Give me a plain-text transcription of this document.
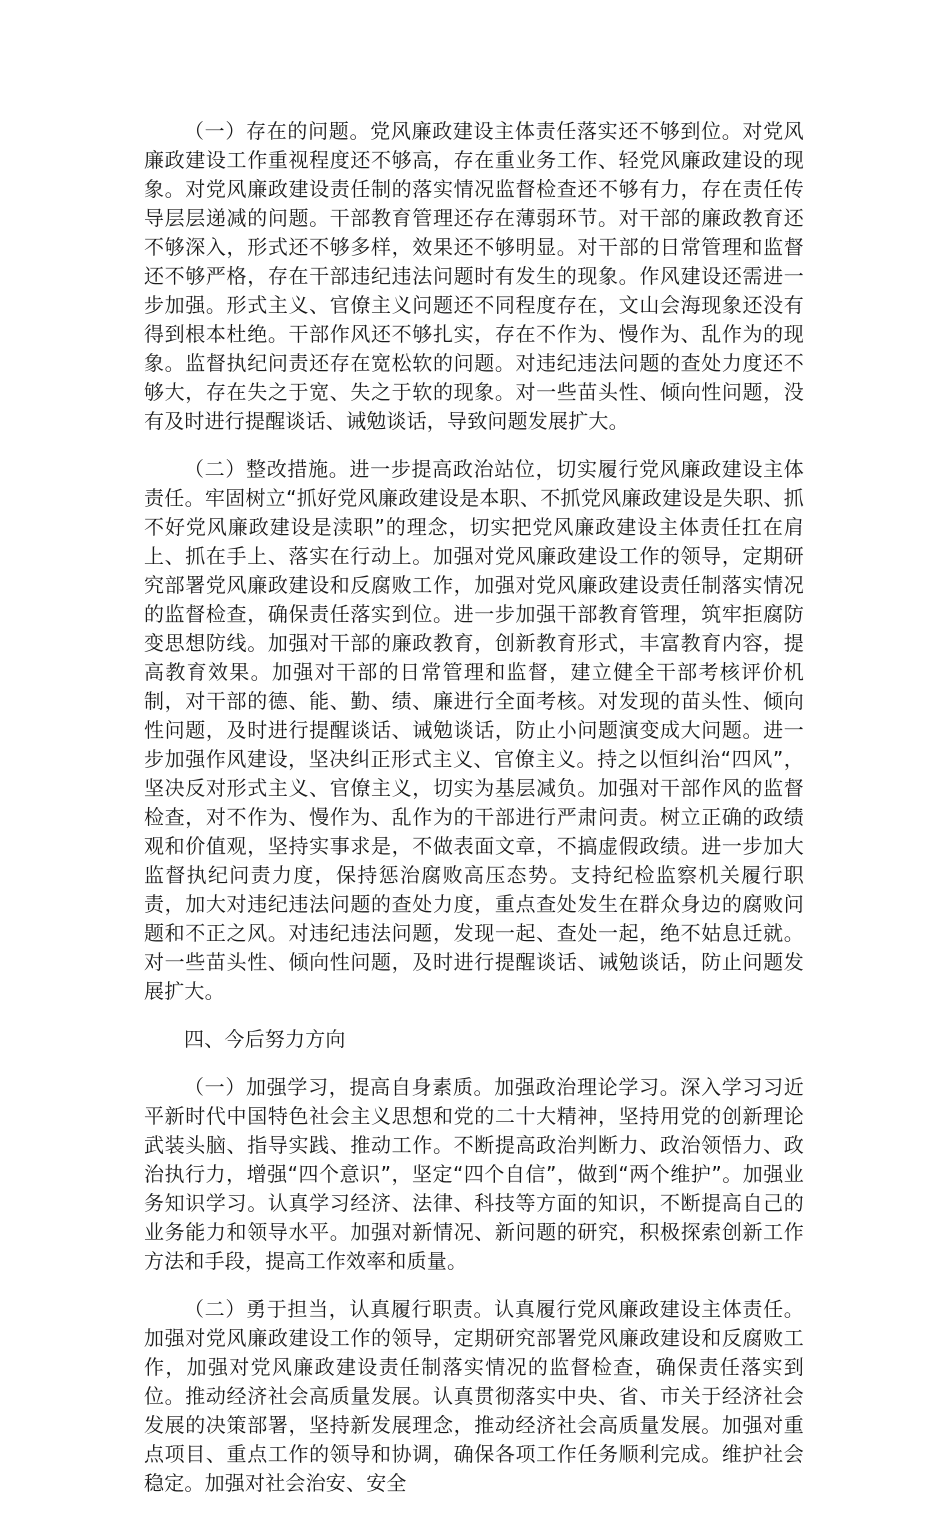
（一）存在的问题。党风廉政建设主体责任落实还不够到位。对党风廉政建设工作重视程度还不够高，存在重业务工作、轻党风廉政建设的现象。对党风廉政建设责任制的落实情况监督检查还不够有力，存在责任传导层层递减的问题。干部教育管理还存在薄弱环节。对干部的廉政教育还不够深入，形式还不够多样，效果还不够明显。对干部的日常管理和监督还不够严格，存在干部违纪违法问题时有发生的现象。作风建设还需进一步加强。形式主义、官僚主义问题还不同程度存在，文山会海现象还没有得到根本杜绝。干部作风还不够扎实，存在不作为、慢作为、乱作为的现象。监督执纪问责还存在宽松软的问题。对违纪违法问题的查处力度还不够大，存在失之于宽、失之于软的现象。对一些苗头性、倾向性问题，没有及时进行提醒谈话、诫勉谈话，导致问题发展扩大。

（二）整改措施。进一步提高政治站位，切实履行党风廉政建设主体责任。牢固树立“抓好党风廉政建设是本职、不抓党风廉政建设是失职、抓不好党风廉政建设是渎职”的理念，切实把党风廉政建设主体责任扛在肩上、抓在手上、落实在行动上。加强对党风廉政建设工作的领导，定期研究部署党风廉政建设和反腐败工作，加强对党风廉政建设责任制落实情况的监督检查，确保责任落实到位。进一步加强干部教育管理，筑牢拒腐防变思想防线。加强对干部的廉政教育，创新教育形式，丰富教育内容，提高教育效果。加强对干部的日常管理和监督，建立健全干部考核评价机制，对干部的德、能、勤、绩、廉进行全面考核。对发现的苗头性、倾向性问题，及时进行提醒谈话、诫勉谈话，防止小问题演变成大问题。进一步加强作风建设，坚决纠正形式主义、官僚主义。持之以恒纠治“四风”，坚决反对形式主义、官僚主义，切实为基层减负。加强对干部作风的监督检查，对不作为、慢作为、乱作为的干部进行严肃问责。树立正确的政绩观和价值观，坚持实事求是，不做表面文章，不搞虚假政绩。进一步加大监督执纪问责力度，保持惩治腐败高压态势。支持纪检监察机关履行职责，加大对违纪违法问题的查处力度，重点查处发生在群众身边的腐败问题和不正之风。对违纪违法问题，发现一起、查处一起，绝不姑息迁就。对一些苗头性、倾向性问题，及时进行提醒谈话、诫勉谈话，防止问题发展扩大。

四、今后努力方向

（一）加强学习，提高自身素质。加强政治理论学习。深入学习习近平新时代中国特色社会主义思想和党的二十大精神，坚持用党的创新理论武装头脑、指导实践、推动工作。不断提高政治判断力、政治领悟力、政治执行力，增强“四个意识”，坚定“四个自信”，做到“两个维护”。加强业务知识学习。认真学习经济、法律、科技等方面的知识，不断提高自己的业务能力和领导水平。加强对新情况、新问题的研究，积极探索创新工作方法和手段，提高工作效率和质量。

（二）勇于担当，认真履行职责。认真履行党风廉政建设主体责任。加强对党风廉政建设工作的领导，定期研究部署党风廉政建设和反腐败工作，加强对党风廉政建设责任制落实情况的监督检查，确保责任落实到位。推动经济社会高质量发展。认真贯彻落实中央、省、市关于经济社会发展的决策部署，坚持新发展理念，推动经济社会高质量发展。加强对重点项目、重点工作的领导和协调，确保各项工作任务顺利完成。维护社会稳定。加强对社会治安、安全
